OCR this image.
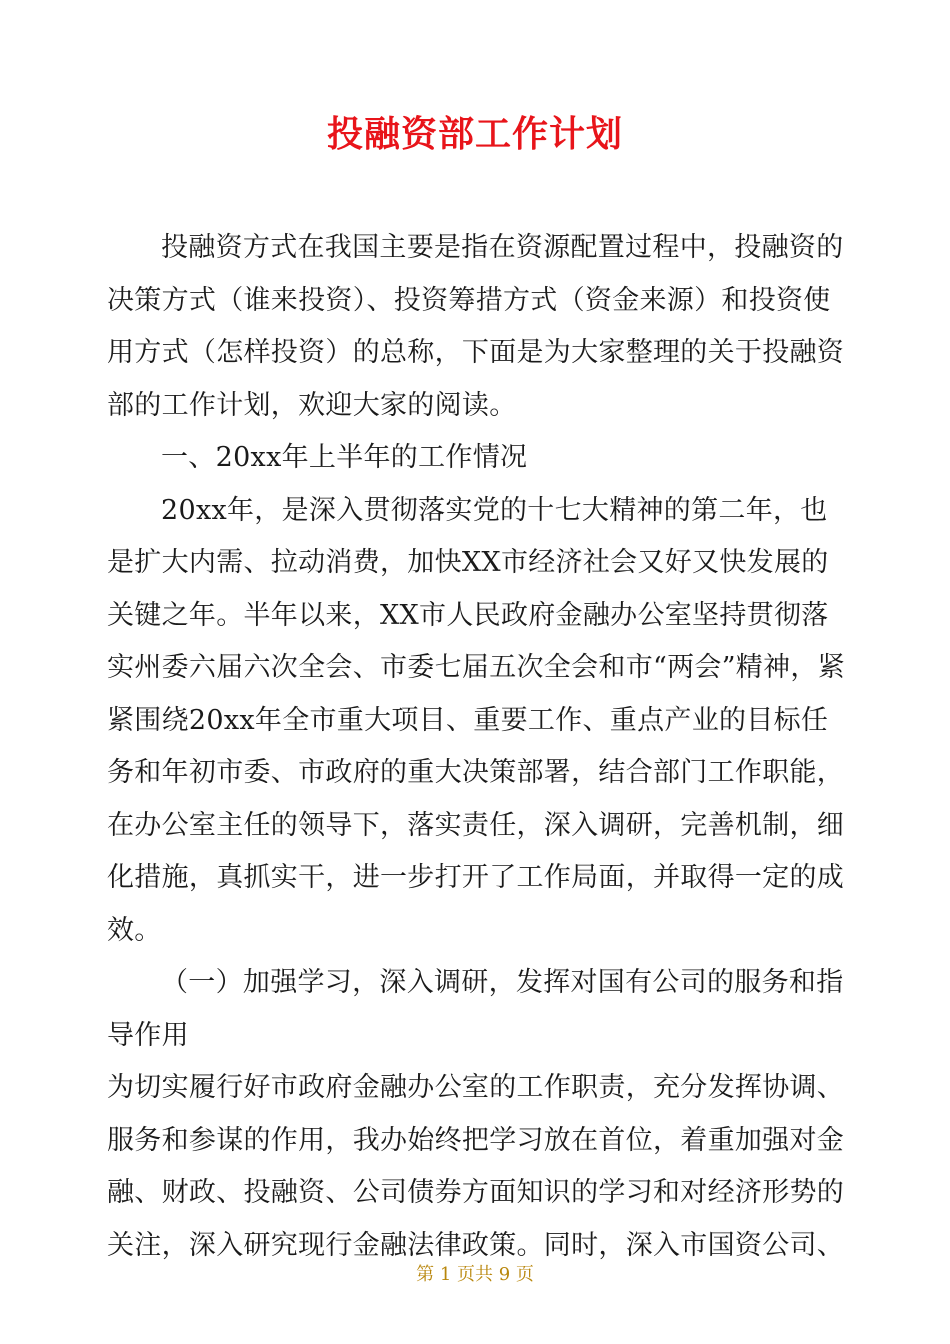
投融资部工作计划

投融资方式在我国主要是指在资源配置过程中，投融资的决策方式（谁来投资）、投资筹措方式（资金来源）和投资使用方式（怎样投资）的总称，下面是为大家整理的关于投融资部的工作计划，欢迎大家的阅读。

一、20xx年上半年的工作情况

20xx年，是深入贯彻落实党的十七大精神的第二年，也是扩大内需、拉动消费，加快XX市经济社会又好又快发展的关键之年。半年以来，XX市人民政府金融办公室坚持贯彻落实州委六届六次全会、市委七届五次全会和市“两会”精神，紧紧围绕20xx年全市重大项目、重要工作、重点产业的目标任务和年初市委、市政府的重大决策部署，结合部门工作职能，在办公室主任的领导下，落实责任，深入调研，完善机制，细化措施，真抓实干，进一步打开了工作局面，并取得一定的成效。

（一）加强学习，深入调研，发挥对国有公司的服务和指导作用

为切实履行好市政府金融办公室的工作职责，充分发挥协调、服务和参谋的作用，我办始终把学习放在首位，着重加强对金融、财政、投融资、公司债券方面知识的学习和对经济形势的关注，深入研究现行金融法律政策。同时，深入市国资公司、

第 1 页共 9 页
